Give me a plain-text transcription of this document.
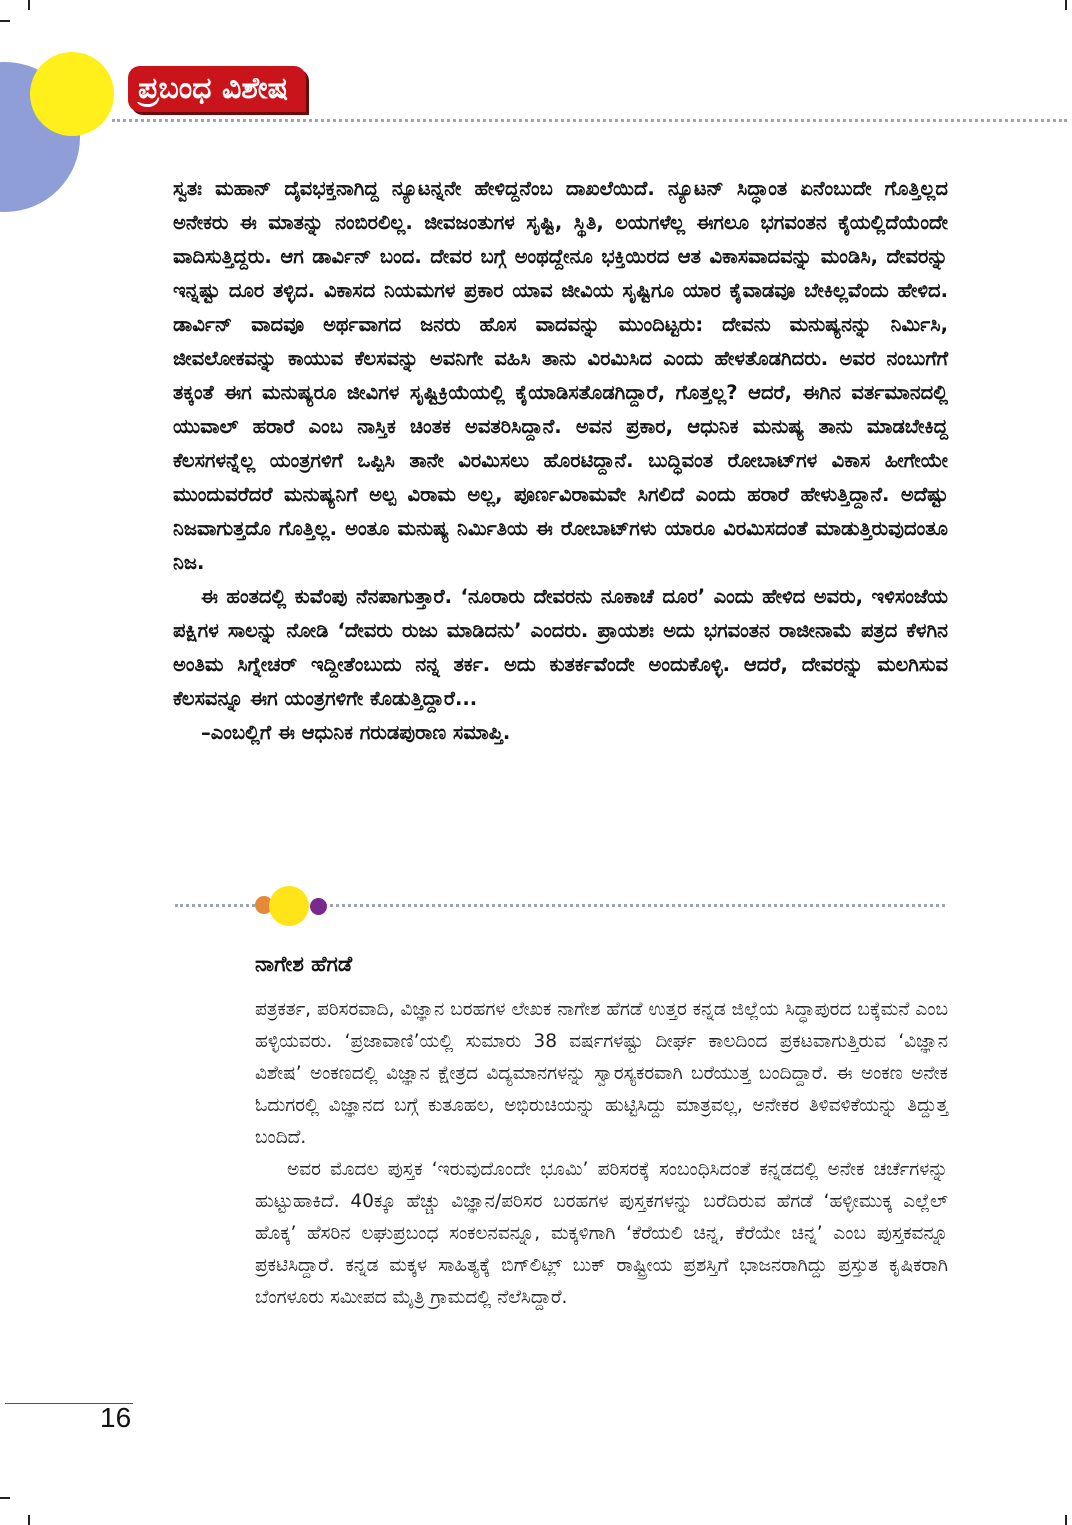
ಪ್ರಬಂಧ ವಿಶೇಷ

ಸ್ವತಃ ಮಹಾನ್ ದೈವಭಕ್ತನಾಗಿದ್ದ ನ್ಯೂಟನ್ನನೇ ಹೇಳಿದ್ದನೆಂಬ ದಾಖಲೆಯಿದೆ. ನ್ಯೂಟನ್ ಸಿದ್ಧಾಂತ ಏನೆಂಬುದೇ ಗೊತ್ತಿಲ್ಲದ ಅನೇಕರು ಈ ಮಾತನ್ನು ನಂಬಿರಲಿಲ್ಲ. ಜೀವಜಂತುಗಳ ಸೃಷ್ಟಿ, ಸ್ಥಿತಿ, ಲಯಗಳೆಲ್ಲ ಈಗಲೂ ಭಗವಂತನ ಕೈಯಲ್ಲಿದೆಯೆಂದೇ ವಾದಿಸುತ್ತಿದ್ದರು. ಆಗ ಡಾರ್ವಿನ್ ಬಂದ. ದೇವರ ಬಗ್ಗೆ ಅಂಥದ್ದೇನೂ ಭಕ್ತಿಯಿರದ ಆತ ವಿಕಾಸವಾದವನ್ನು ಮಂಡಿಸಿ, ದೇವರನ್ನು ಇನ್ನಷ್ಟು ದೂರ ತಳ್ಳಿದ. ವಿಕಾಸದ ನಿಯಮಗಳ ಪ್ರಕಾರ ಯಾವ ಜೀವಿಯ ಸೃಷ್ಟಿಗೂ ಯಾರ ಕೈವಾಡವೂ ಬೇಕಿಲ್ಲವೆಂದು ಹೇಳಿದ. ಡಾರ್ವಿನ್ ವಾದವೂ ಅರ್ಥವಾಗದ ಜನರು ಹೊಸ ವಾದವನ್ನು ಮುಂದಿಟ್ಟರು: ದೇವನು ಮನುಷ್ಯನನ್ನು ನಿರ್ಮಿಸಿ, ಜೀವಲೋಕವನ್ನು ಕಾಯುವ ಕೆಲಸವನ್ನು ಅವನಿಗೇ ವಹಿಸಿ ತಾನು ವಿರಮಿಸಿದ ಎಂದು ಹೇಳತೊಡಗಿದರು. ಅವರ ನಂಬುಗೆಗೆ ತಕ್ಕಂತೆ ಈಗ ಮನುಷ್ಯರೂ ಜೀವಿಗಳ ಸೃಷ್ಟಿಕ್ರಿಯೆಯಲ್ಲಿ ಕೈಯಾಡಿಸತೊಡಗಿದ್ದಾರೆ, ಗೊತ್ತಲ್ಲ? ಆದರೆ, ಈಗಿನ ವರ್ತಮಾನದಲ್ಲಿ ಯುವಾಲ್ ಹರಾರೆ ಎಂಬ ನಾಸ್ತಿಕ ಚಿಂತಕ ಅವತರಿಸಿದ್ದಾನೆ. ಅವನ ಪ್ರಕಾರ, ಆಧುನಿಕ ಮನುಷ್ಯ ತಾನು ಮಾಡಬೇಕಿದ್ದ ಕೆಲಸಗಳನ್ನೆಲ್ಲ ಯಂತ್ರಗಳಿಗೆ ಒಪ್ಪಿಸಿ ತಾನೇ ವಿರಮಿಸಲು ಹೊರಟಿದ್ದಾನೆ. ಬುದ್ಧಿವಂತ ರೋಬಾಟ್‌ಗಳ ವಿಕಾಸ ಹೀಗೇಯೇ ಮುಂದುವರೆದರೆ ಮನುಷ್ಯನಿಗೆ ಅಲ್ಪ ವಿರಾಮ ಅಲ್ಲ, ಪೂರ್ಣವಿರಾಮವೇ ಸಿಗಲಿದೆ ಎಂದು ಹರಾರೆ ಹೇಳುತ್ತಿದ್ದಾನೆ. ಅದೆಷ್ಟು ನಿಜವಾಗುತ್ತದೊ ಗೊತ್ತಿಲ್ಲ. ಅಂತೂ ಮನುಷ್ಯ ನಿರ್ಮಿತಿಯ ಈ ರೋಬಾಟ್‌ಗಳು ಯಾರೂ ವಿರಮಿಸದಂತೆ ಮಾಡುತ್ತಿರುವುದಂತೂ ನಿಜ.

ಈ ಹಂತದಲ್ಲಿ ಕುವೆಂಪು ನೆನಪಾಗುತ್ತಾರೆ. ‘ನೂರಾರು ದೇವರನು ನೂಕಾಚೆ ದೂರ’ ಎಂದು ಹೇಳಿದ ಅವರು, ಇಳಿಸಂಜೆಯ ಪಕ್ಷಿಗಳ ಸಾಲನ್ನು ನೋಡಿ ‘ದೇವರು ರುಜು ಮಾಡಿದನು’ ಎಂದರು. ಪ್ರಾಯಶಃ ಅದು ಭಗವಂತನ ರಾಜೀನಾಮೆ ಪತ್ರದ ಕೆಳಗಿನ ಅಂತಿಮ ಸಿಗ್ನೇಚರ್ ಇದ್ದೀತೆಂಬುದು ನನ್ನ ತರ್ಕ. ಅದು ಕುತರ್ಕವೆಂದೇ ಅಂದುಕೊಳ್ಳಿ. ಆದರೆ, ದೇವರನ್ನು ಮಲಗಿಸುವ ಕೆಲಸವನ್ನೂ ಈಗ ಯಂತ್ರಗಳಿಗೇ ಕೊಡುತ್ತಿದ್ದಾರೆ...

–ಎಂಬಲ್ಲಿಗೆ ಈ ಆಧುನಿಕ ಗರುಡಪುರಾಣ ಸಮಾಪ್ತಿ.

ನಾಗೇಶ ಹೆಗಡೆ

ಪತ್ರಕರ್ತ, ಪರಿಸರವಾದಿ, ವಿಜ್ಞಾನ ಬರಹಗಳ ಲೇಖಕ ನಾಗೇಶ ಹೆಗಡೆ ಉತ್ತರ ಕನ್ನಡ ಜಿಲ್ಲೆಯ ಸಿದ್ಧಾಪುರದ ಬಕ್ಕೆಮನೆ ಎಂಬ ಹಳ್ಳಿಯವರು. ‘ಪ್ರಜಾವಾಣಿ’ಯಲ್ಲಿ ಸುಮಾರು 38 ವರ್ಷಗಳಷ್ಟು ದೀರ್ಘ ಕಾಲದಿಂದ ಪ್ರಕಟವಾಗುತ್ತಿರುವ ‘ವಿಜ್ಞಾನ ವಿಶೇಷ’ ಅಂಕಣದಲ್ಲಿ ವಿಜ್ಞಾನ ಕ್ಷೇತ್ರದ ವಿದ್ಯಮಾನಗಳನ್ನು ಸ್ವಾರಸ್ಯಕರವಾಗಿ ಬರೆಯುತ್ತ ಬಂದಿದ್ದಾರೆ. ಈ ಅಂಕಣ ಅನೇಕ ಓದುಗರಲ್ಲಿ ವಿಜ್ಞಾನದ ಬಗ್ಗೆ ಕುತೂಹಲ, ಅಭಿರುಚಿಯನ್ನು ಹುಟ್ಟಿಸಿದ್ದು ಮಾತ್ರವಲ್ಲ, ಅನೇಕರ ತಿಳಿವಳಿಕೆಯನ್ನು ತಿದ್ದುತ್ತ ಬಂದಿದೆ.

ಅವರ ಮೊದಲ ಪುಸ್ತಕ ‘ಇರುವುದೊಂದೇ ಭೂಮಿ’ ಪರಿಸರಕ್ಕೆ ಸಂಬಂಧಿಸಿದಂತೆ ಕನ್ನಡದಲ್ಲಿ ಅನೇಕ ಚರ್ಚೆಗಳನ್ನು ಹುಟ್ಟುಹಾಕಿದೆ. 40ಕ್ಕೂ ಹೆಚ್ಚು ವಿಜ್ಞಾನ/ಪರಿಸರ ಬರಹಗಳ ಪುಸ್ತಕಗಳನ್ನು ಬರೆದಿರುವ ಹೆಗಡೆ ‘ಹಳ್ಳೀಮುಕ್ಕ ಎಲ್ಲೆಲ್ ಹೊಕ್ಕ’ ಹೆಸರಿನ ಲಘುಪ್ರಬಂಧ ಸಂಕಲನವನ್ನೂ, ಮಕ್ಕಳಿಗಾಗಿ ‘ಕೆರೆಯಲಿ ಚಿನ್ನ, ಕೆರೆಯೇ ಚಿನ್ನ’ ಎಂಬ ಪುಸ್ತಕವನ್ನೂ ಪ್ರಕಟಿಸಿದ್ದಾರೆ. ಕನ್ನಡ ಮಕ್ಕಳ ಸಾಹಿತ್ಯಕ್ಕೆ ಬಿಗ್‌ಲಿಟ್ಲ್ ಬುಕ್ ರಾಷ್ಟ್ರೀಯ ಪ್ರಶಸ್ತಿಗೆ ಭಾಜನರಾಗಿದ್ದು ಪ್ರಸ್ತುತ ಕೃಷಿಕರಾಗಿ ಬೆಂಗಳೂರು ಸಮೀಪದ ಮೈತ್ರಿ ಗ್ರಾಮದಲ್ಲಿ ನೆಲೆಸಿದ್ದಾರೆ.

16
